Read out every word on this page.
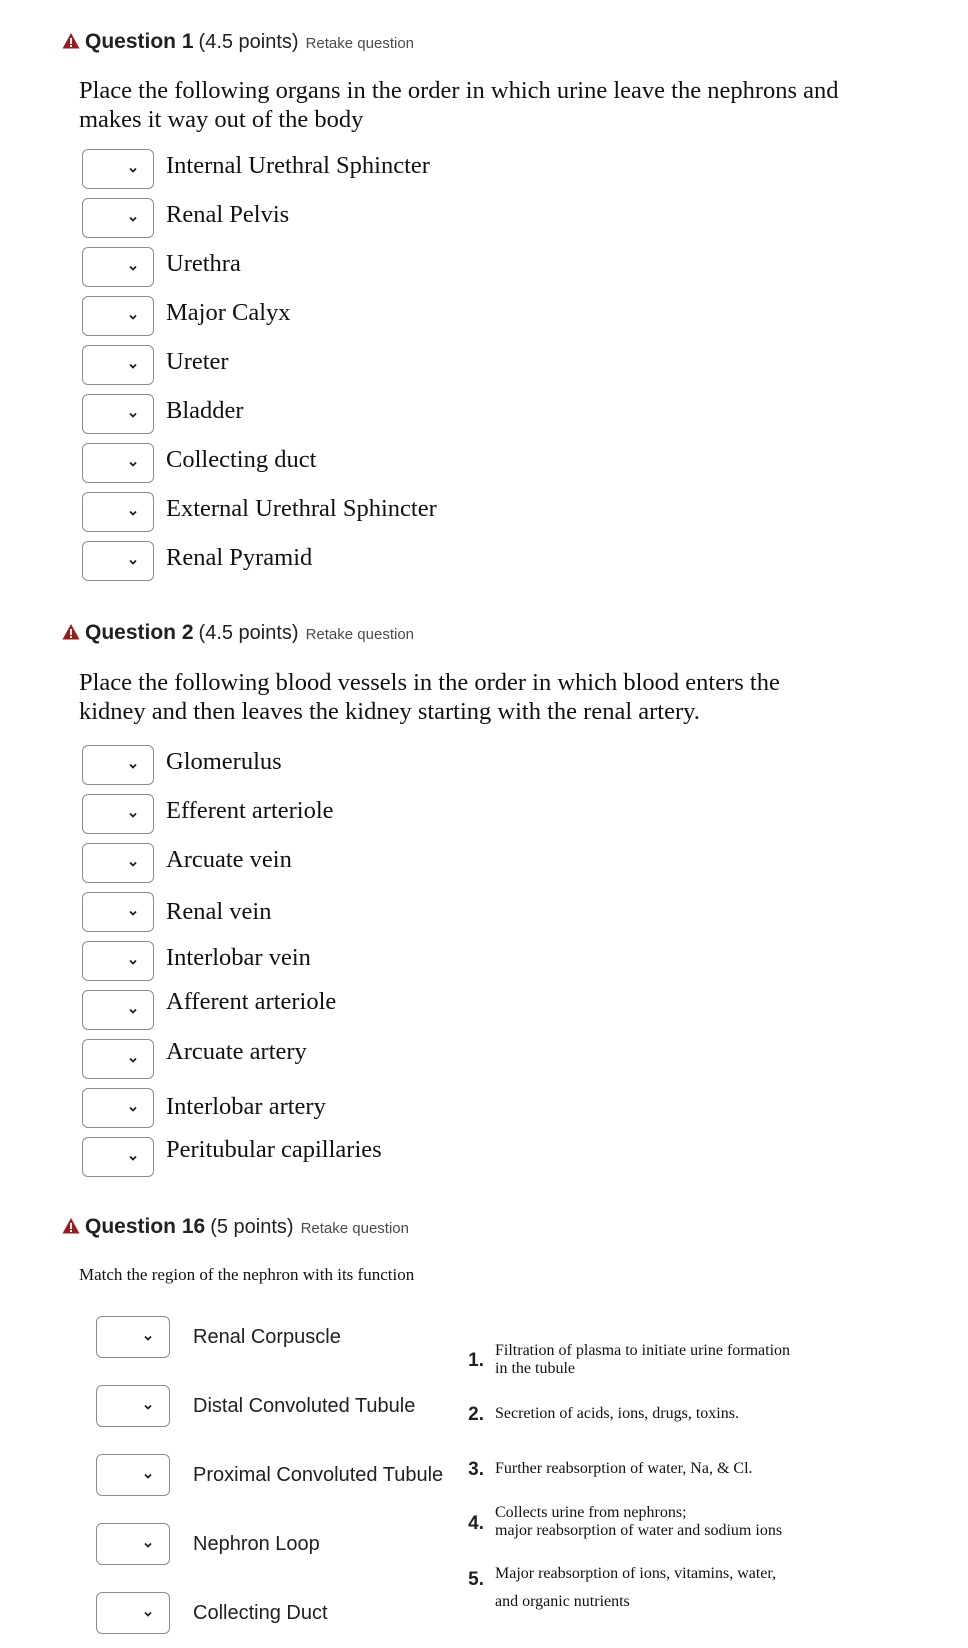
Question 1 (4.5 points) Retake question
Place the following organs in the order in which urine leave the nephrons and makes it way out of the body
Internal Urethral Sphincter
Renal Pelvis
Urethra
Major Calyx
Ureter
Bladder
Collecting duct
External Urethral Sphincter
Renal Pyramid
Question 2 (4.5 points) Retake question
Place the following blood vessels in the order in which blood enters the kidney and then leaves the kidney starting with the renal artery.
Glomerulus
Efferent arteriole
Arcuate vein
Renal vein
Interlobar vein
Afferent arteriole
Arcuate artery
Interlobar artery
Peritubular capillaries
Question 16 (5 points) Retake question
Match the region of the nephron with its function
Renal Corpuscle
Distal Convoluted Tubule
Proximal Convoluted Tubule
Nephron Loop
Collecting Duct
1. Filtration of plasma to initiate urine formation
in the tubule
2. Secretion of acids, ions, drugs, toxins.
3. Further reabsorption of water, Na, & Cl.
4.
Collects urine from nephrons;
major reabsorption of water and sodium ions
5. Major reabsorption of ions, vitamins, water,
and organic nutrients
